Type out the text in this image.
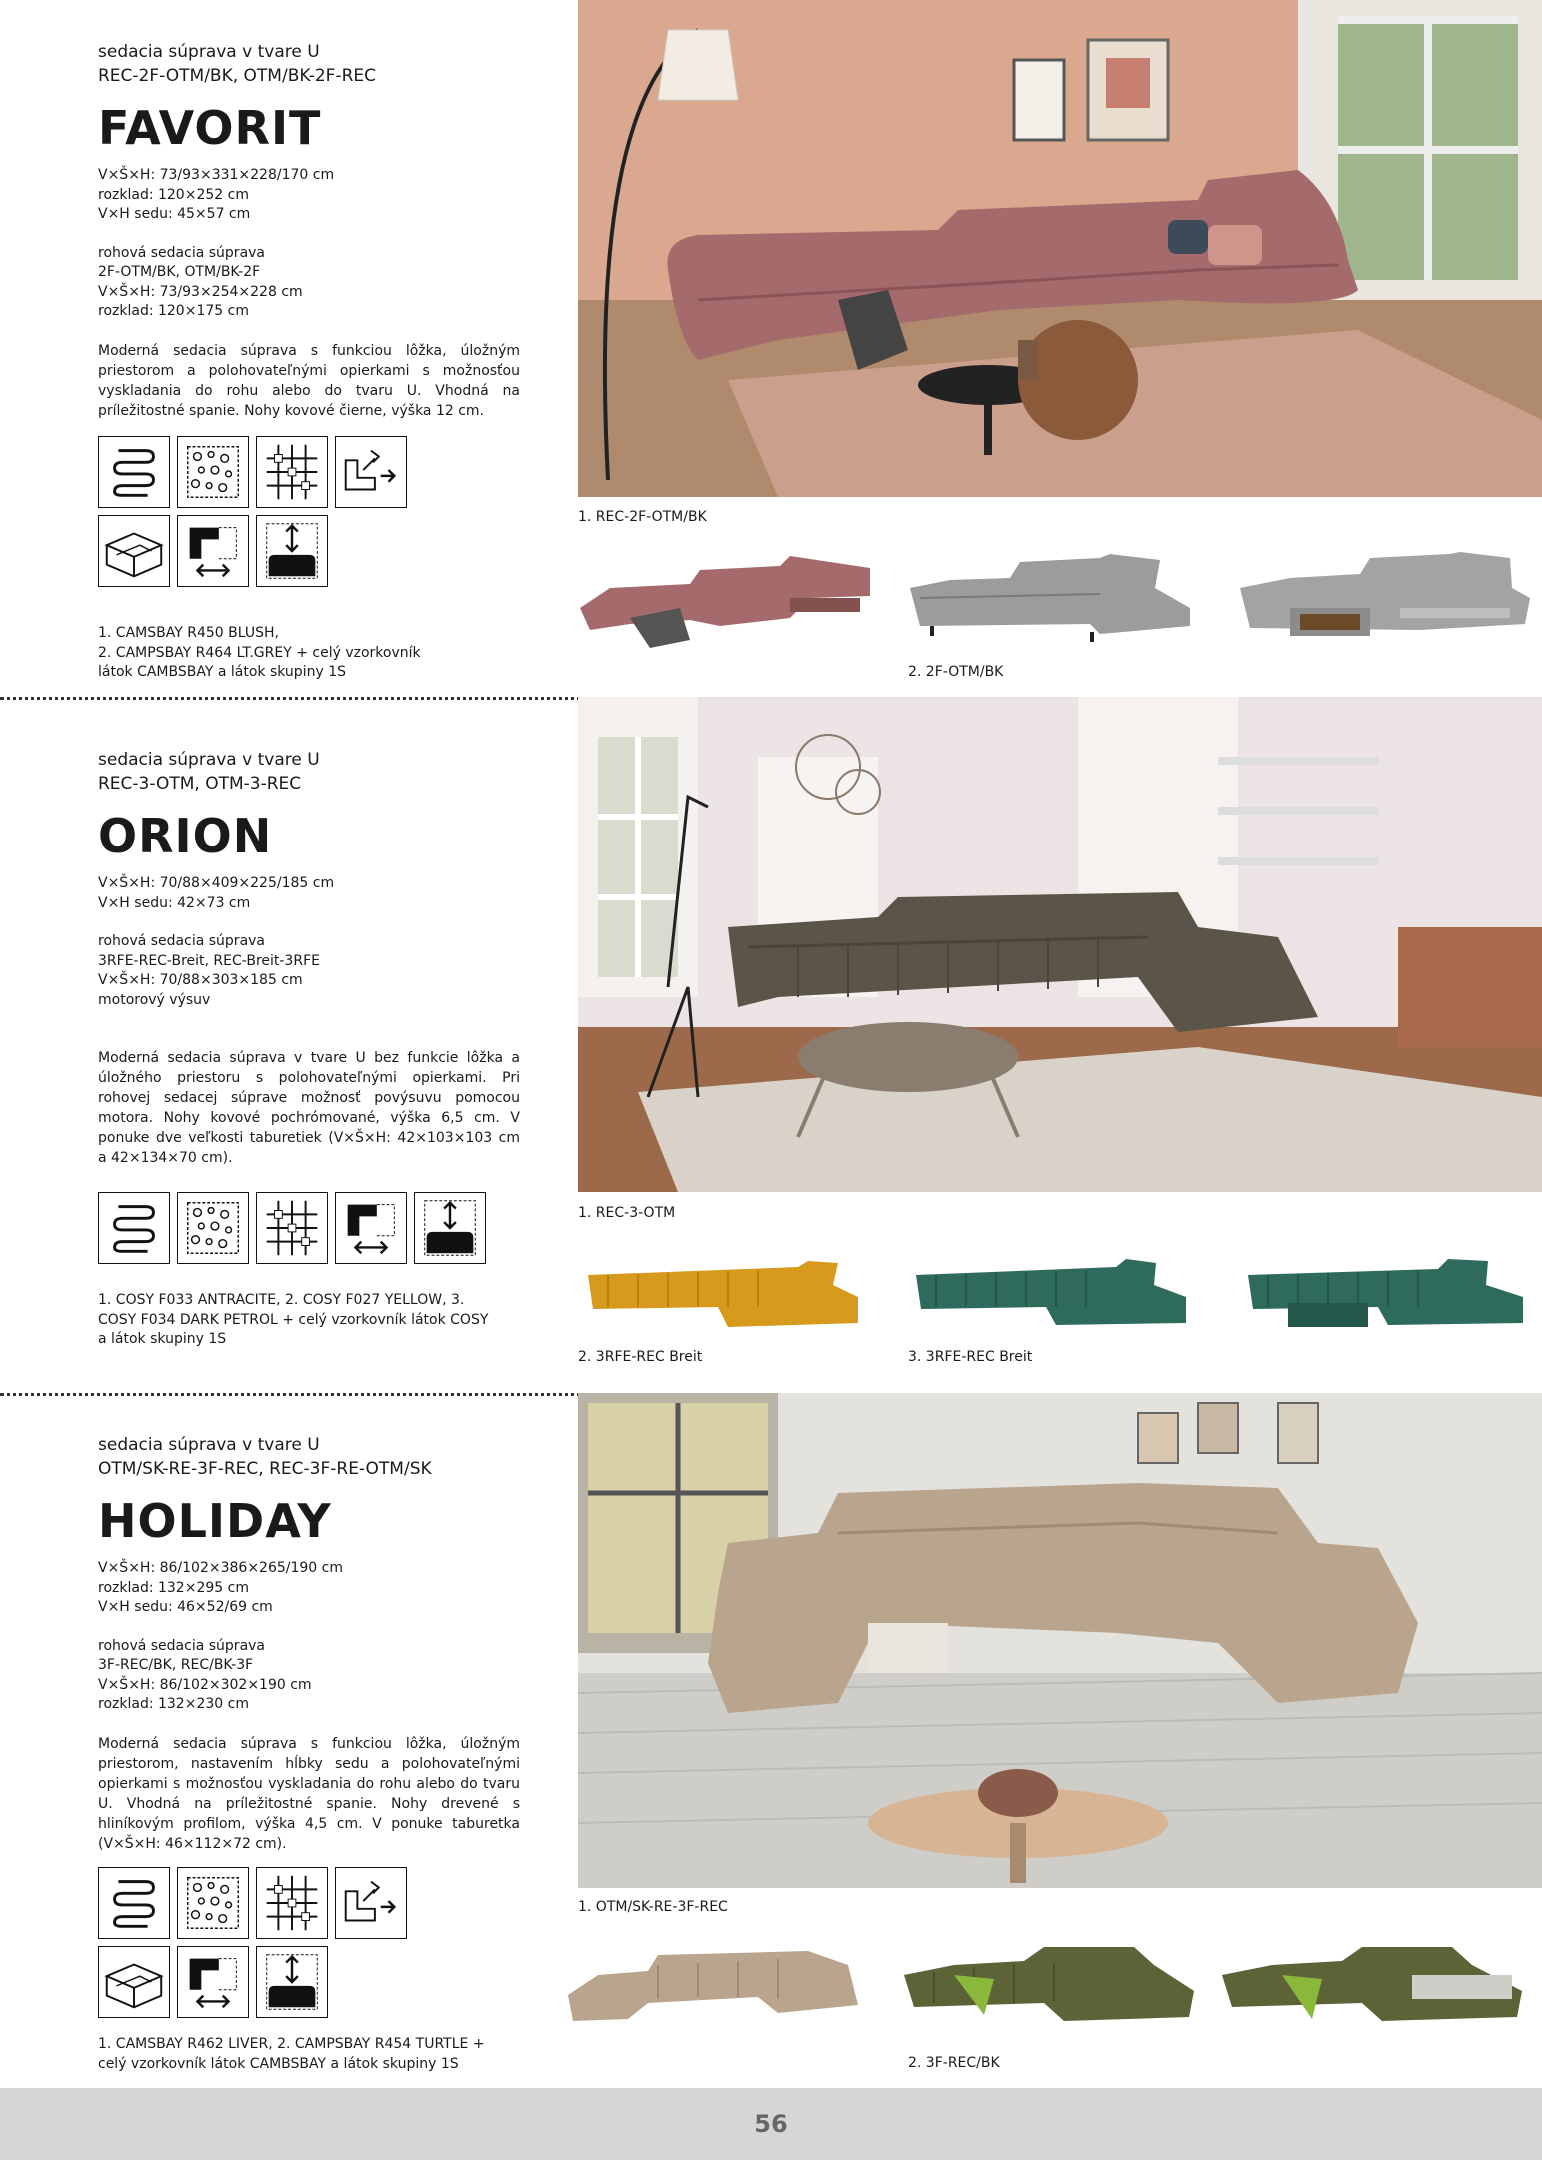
sedacia súprava v tvare U
REC-2F-OTM/BK, OTM/BK-2F-REC
FAVORIT
V×Š×H: 73/93×331×228/170 cm
rozklad: 120×252 cm
V×H sedu: 45×57 cm
rohová sedacia súprava
2F-OTM/BK, OTM/BK-2F
V×Š×H: 73/93×254×228 cm
rozklad: 120×175 cm
Moderná sedacia súprava s funkciou lôžka, úložným priestorom a polohovateľnými opierkami s možnosťou vyskladania do rohu alebo do tvaru U. Vhodná na príležitostné spanie. Nohy kovové čierne, výška 12 cm.
1. CAMSBAY R450 BLUSH,
2. CAMPSBAY R464 LT.GREY + celý vzorkovník
látok CAMBSBAY a látok skupiny 1S
1. REC-2F-OTM/BK
2. 2F-OTM/BK
sedacia súprava v tvare U
REC-3-OTM, OTM-3-REC
ORION
V×Š×H: 70/88×409×225/185 cm
V×H sedu: 42×73 cm
rohová sedacia súprava
3RFE-REC-Breit, REC-Breit-3RFE
V×Š×H: 70/88×303×185 cm
motorový výsuv
Moderná sedacia súprava v tvare U bez funkcie lôžka a úložného priestoru s polohovateľnými opierkami. Pri rohovej sedacej súprave možnosť povýsuvu pomocou motora. Nohy kovové pochrómované, výška 6,5 cm. V ponuke dve veľkosti taburetiek (V×Š×H: 42×103×103 cm a 42×134×70 cm).
1. COSY F033 ANTRACITE, 2. COSY F027 YELLOW, 3.
COSY F034 DARK PETROL + celý vzorkovník látok COSY
a látok skupiny 1S
1. REC-3-OTM
2. 3RFE-REC Breit	3. 3RFE-REC Breit
sedacia súprava v tvare U
OTM/SK-RE-3F-REC, REC-3F-RE-OTM/SK
HOLIDAY
V×Š×H: 86/102×386×265/190 cm
rozklad: 132×295 cm
V×H sedu: 46×52/69 cm
rohová sedacia súprava
3F-REC/BK, REC/BK-3F
V×Š×H: 86/102×302×190 cm
rozklad: 132×230 cm
Moderná sedacia súprava s funkciou lôžka, úložným priestorom, nastavením hĺbky sedu a polohovateľnými opierkami s možnosťou vyskladania do rohu alebo do tvaru U. Vhodná na príležitostné spanie. Nohy drevené s hliníkovým profilom, výška 4,5 cm. V ponuke taburetka (V×Š×H: 46×112×72 cm).
1. CAMSBAY R462 LIVER, 2. CAMPSBAY R454 TURTLE +
celý vzorkovník látok CAMBSBAY a látok skupiny 1S
1. OTM/SK-RE-3F-REC
2. 3F-REC/BK
56
